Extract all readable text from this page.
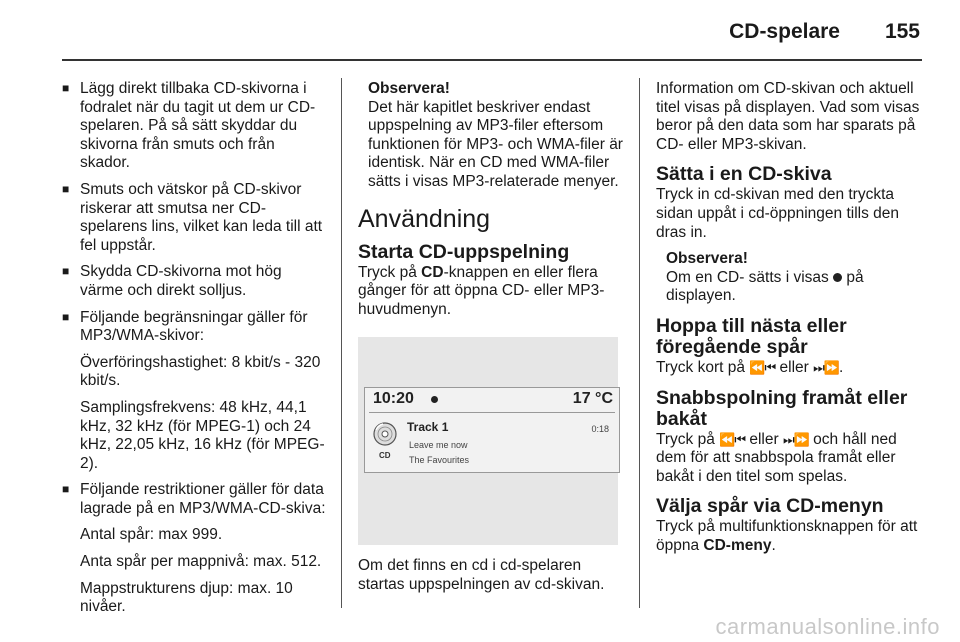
CD-spelare 155
■ Lägg direkt tillbaka CD-skivorna i fodralet när du tagit ut dem ur CD-spelaren. På så sätt skyddar du skivorna från smuts och från skador.
■ Smuts och vätskor på CD-skivor riskerar att smutsa ner CD-spelarens lins, vilket kan leda till att fel uppstår.
■ Skydda CD-skivorna mot hög värme och direkt solljus.
■ Följande begränsningar gäller för MP3/WMA-skivor:
Överföringshastighet: 8 kbit/s - 320 kbit/s.
Samplingsfrekvens: 48 kHz, 44,1 kHz, 32 kHz (för MPEG-1) och 24 kHz, 22,05 kHz, 16 kHz (för MPEG-2).
■ Följande restriktioner gäller för data lagrade på en MP3/WMA-CD-skiva:
Antal spår: max 999.
Anta spår per mappnivå: max. 512.
Mappstrukturens djup: max. 10 nivåer.
Observera!

Det här kapitlet beskriver endast uppspelning av MP3-filer eftersom funktionen för MP3- och WMA-filer är identisk. När en CD med WMA-filer sätts i visas MP3-relaterade menyer.

Användning
Starta CD-uppspelning

Tryck på CD-knappen en eller flera gånger för att öppna CD- eller MP3-huvudmenyn.

10:20	17 °C
CD
Track 1
Leave me now
The Favourites
0:18

Om det finns en cd i cd-spelaren startas uppspelningen av cd-skivan.

Information om CD-skivan och aktuell titel visas på displayen. Vad som visas beror på den data som har sparats på CD- eller MP3-skivan.

Sätta i en CD-skiva

Tryck in cd-skivan med den tryckta sidan uppåt i cd-öppningen tills den dras in.

Observera!

Om en CD- sätts i visas  på displayen.

Hoppa till nästa eller föregående spår

Tryck kort på ⏪⏮ eller ⏭⏩.

Snabbspolning framåt eller bakåt

Tryck på ⏪⏮ eller ⏭⏩ och håll ned dem för att snabbspola framåt eller bakåt i den titel som spelas.

Välja spår via CD-menyn

Tryck på multifunktionsknappen för att öppna CD-meny.

carmanualsonline.info
